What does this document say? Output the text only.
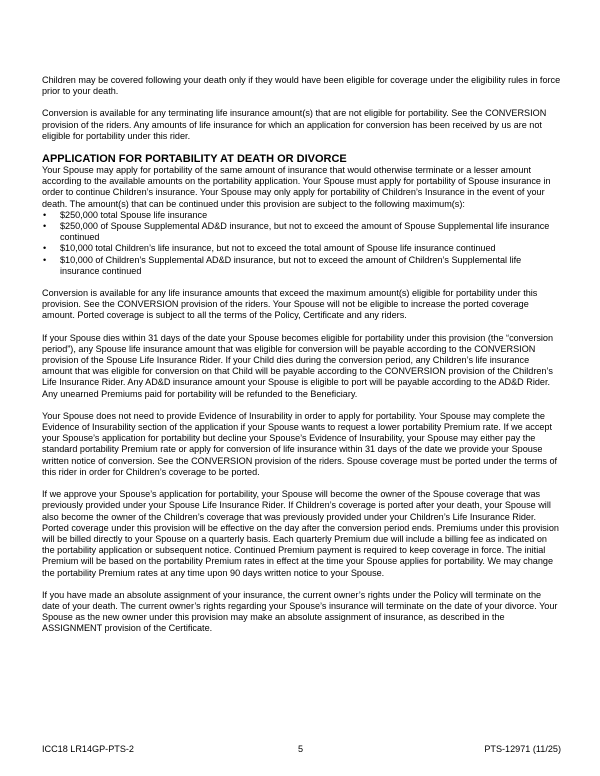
Children may be covered following your death only if they would have been eligible for coverage under the eligibility rules in force prior to your death.

Conversion is available for any terminating life insurance amount(s) that are not eligible for portability. See the CONVERSION provision of the riders. Any amounts of life insurance for which an application for conversion has been received by us are not eligible for portability under this rider.

APPLICATION FOR PORTABILITY AT DEATH OR DIVORCE
Your Spouse may apply for portability of the same amount of insurance that would otherwise terminate or a lesser amount according to the available amounts on the portability application. Your Spouse must apply for portability of Spouse insurance in order to continue Children’s insurance. Your Spouse may only apply for portability of Children’s Insurance in the event of your death. The amount(s) that can be continued under this provision are subject to the following maximum(s):
• $250,000 total Spouse life insurance
• $250,000 of Spouse Supplemental AD&D insurance, but not to exceed the amount of Spouse Supplemental life insurance continued
• $10,000 total Children’s life insurance, but not to exceed the total amount of Spouse life insurance continued
• $10,000 of Children’s Supplemental AD&D insurance, but not to exceed the amount of Children’s Supplemental life insurance continued

Conversion is available for any life insurance amounts that exceed the maximum amount(s) eligible for portability under this provision. See the CONVERSION provision of the riders. Your Spouse will not be eligible to increase the ported coverage amount. Ported coverage is subject to all the terms of the Policy, Certificate and any riders.

If your Spouse dies within 31 days of the date your Spouse becomes eligible for portability under this provision (the “conversion period”), any Spouse life insurance amount that was eligible for conversion will be payable according to the CONVERSION provision of the Spouse Life Insurance Rider. If your Child dies during the conversion period, any Children’s life insurance amount that was eligible for conversion on that Child will be payable according to the CONVERSION provision of the Children’s Life Insurance Rider. Any AD&D insurance amount your Spouse is eligible to port will be payable according to the AD&D Rider. Any unearned Premiums paid for portability will be refunded to the Beneficiary.

Your Spouse does not need to provide Evidence of Insurability in order to apply for portability. Your Spouse may complete the Evidence of Insurability section of the application if your Spouse wants to request a lower portability Premium rate. If we accept your Spouse’s application for portability but decline your Spouse’s Evidence of Insurability, your Spouse may either pay the standard portability Premium rate or apply for conversion of life insurance within 31 days of the date we provide your Spouse written notice of conversion. See the CONVERSION provision of the riders. Spouse coverage must be ported under the terms of this rider in order for Children’s coverage to be ported.

If we approve your Spouse’s application for portability, your Spouse will become the owner of the Spouse coverage that was previously provided under your Spouse Life Insurance Rider. If Children’s coverage is ported after your death, your Spouse will also become the owner of the Children’s coverage that was previously provided under your Children’s Life Insurance Rider. Ported coverage under this provision will be effective on the day after the conversion period ends. Premiums under this provision will be billed directly to your Spouse on a quarterly basis. Each quarterly Premium due will include a billing fee as indicated on the portability application or subsequent notice. Continued Premium payment is required to keep coverage in force. The initial Premium will be based on the portability Premium rates in effect at the time your Spouse applies for portability. We may change the portability Premium rates at any time upon 90 days written notice to your Spouse.

If you have made an absolute assignment of your insurance, the current owner’s rights under the Policy will terminate on the date of your death. The current owner’s rights regarding your Spouse’s insurance will terminate on the date of your divorce. Your Spouse as the new owner under this provision may make an absolute assignment of insurance, as described in the ASSIGNMENT provision of the Certificate.

ICC18 LR14GP-PTS-2	5	PTS-12971 (11/25)
